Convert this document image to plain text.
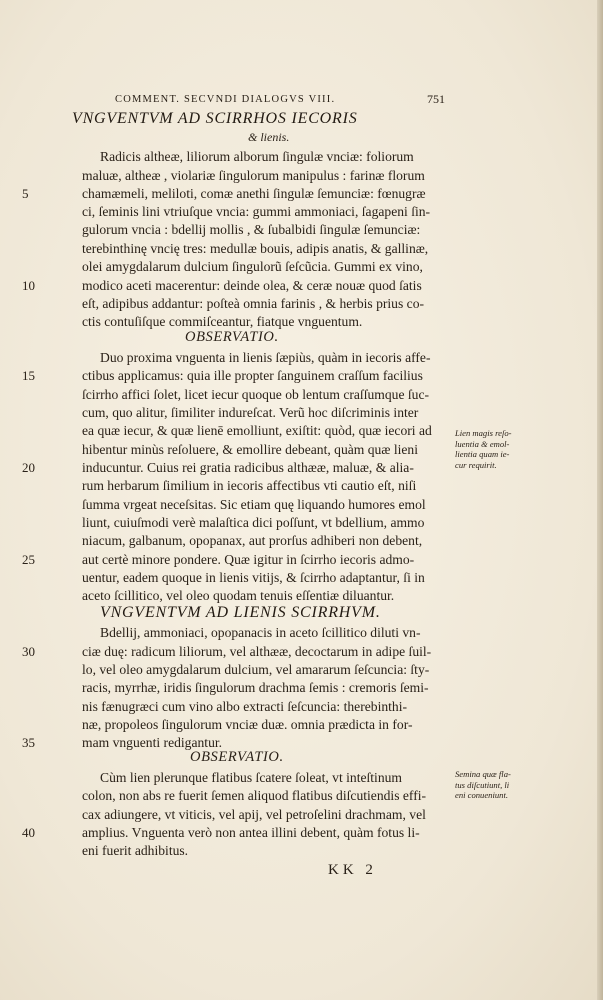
COMMENT. SECVNDI DIALOGVS VIII.	751
VNGVENTVM AD SCIRRHOS IECORIS
& lienis.
Radicis altheæ, liliorum alborum ſingulæ vnciæ: foliorum
maluæ, altheæ , violariæ ſingulorum manipulus : farinæ florum
chamæmeli, meliloti, comæ anethi ſingulæ ſemunciæ: fœnugræ
ci, ſeminis lini vtriuſque vncia: gummi ammoniaci, ſagapeni ſin-
gulorum vncia : bdellij mollis , & ſubalbidi ſingulæ ſemunciæ:
terebinthinę vncię tres: medullæ bouis, adipis anatis, & gallinæ,
olei amygdalarum dulcium ſingulorũ ſeſcũcia. Gummi ex vino,
modico aceti macerentur: deinde olea, & ceræ nouæ quod ſatis
eſt, adipibus addantur: poſteà omnia farinis , & herbis prius co-
ctis contuſiſque commiſceantur, fiatque vnguentum.
OBSERVATIO.
Duo proxima vnguenta in lienis ſæpiùs, quàm in iecoris affe-
ctibus applicamus: quia ille propter ſanguinem craſſum facilius
ſcirrho affici ſolet, licet iecur quoque ob lentum craſſumque ſuc-
cum, quo alitur, ſimiliter indureſcat. Verũ hoc diſcriminis inter
ea quæ iecur, & quæ lienē emolliunt, exiſtit: quòd, quæ iecori ad
hibentur minùs reſoluere, & emollire debeant, quàm quæ lieni
inducuntur. Cuius rei gratia radicibus althææ, maluæ, & alia-
rum herbarum ſimilium in iecoris affectibus vti cautio eſt, niſi
ſumma vrgeat neceſsitas. Sic etiam quę liquando humores emol
liunt, cuiuſmodi verè malaſtica dici poſſunt, vt bdellium, ammo
niacum, galbanum, opopanax, aut prorſus adhiberi non debent,
aut certè minore pondere. Quæ igitur in ſcirrho iecoris admo-
uentur, eadem quoque in lienis vitijs, & ſcirrho adaptantur, ſi in
aceto ſcillitico, vel oleo quodam tenuis eſſentiæ diluantur.
Lien magis reſo-
luentia & emol-
lientia quam ie-
cur requirit.
VNGVENTVM AD LIENIS SCIRRHVM.
Bdellij, ammoniaci, opopanacis in aceto ſcillitico diluti vn-
ciæ duę: radicum liliorum, vel althææ, decoctarum in adipe ſuil-
lo, vel oleo amygdalarum dulcium, vel amararum ſeſcuncia: ſty-
racis, myrrhæ, iridis ſingulorum drachma ſemis : cremoris ſemi-
nis fænugræci cum vino albo extracti ſeſcuncia: therebinthi-
næ, propoleos ſingulorum vnciæ duæ. omnia prædicta in for-
mam vnguenti redigantur.
OBSERVATIO.
Cùm lien plerunque flatibus ſcatere ſoleat, vt inteſtinum
colon, non abs re fuerit ſemen aliquod flatibus diſcutiendis effi-
cax adiungere, vt viticis, vel apij, vel petroſelini drachmam, vel
amplius. Vnguenta verò non antea illini debent, quàm fotus li-
eni fuerit adhibitus.
Semina quæ fla-
tus diſcutiunt, li
eni conueniunt.
5
10
15
20
25
30
35
40
KK 2
